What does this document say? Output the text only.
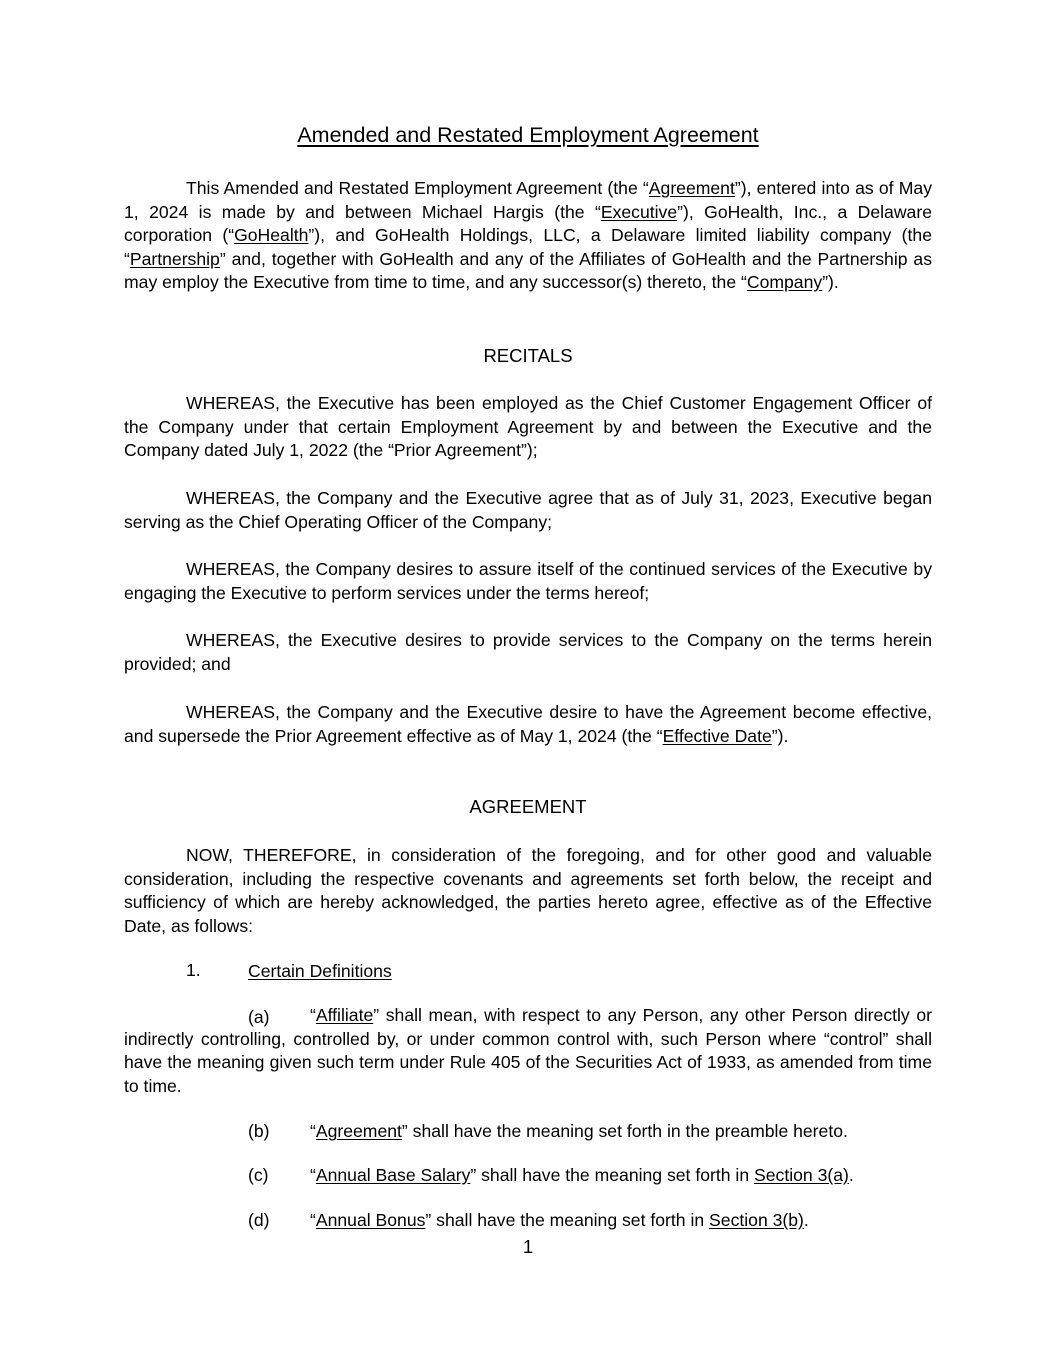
Amended and Restated Employment Agreement

This Amended and Restated Employment Agreement (the “Agreement”), entered into as of May 1, 2024 is made by and between Michael Hargis (the “Executive”), GoHealth, Inc., a Delaware corporation (“GoHealth”), and GoHealth Holdings, LLC, a Delaware limited liability company (the “Partnership” and, together with GoHealth and any of the Affiliates of GoHealth and the Partnership as may employ the Executive from time to time, and any successor(s) thereto, the “Company”).

RECITALS

WHEREAS, the Executive has been employed as the Chief Customer Engagement Officer of the Company under that certain Employment Agreement by and between the Executive and the Company dated July 1, 2022 (the “Prior Agreement”);

WHEREAS, the Company and the Executive agree that as of July 31, 2023, Executive began serving as the Chief Operating Officer of the Company;

WHEREAS, the Company desires to assure itself of the continued services of the Executive by engaging the Executive to perform services under the terms hereof;

WHEREAS, the Executive desires to provide services to the Company on the terms herein provided; and

WHEREAS, the Company and the Executive desire to have the Agreement become effective, and supersede the Prior Agreement effective as of May 1, 2024 (the “Effective Date”).

AGREEMENT

NOW, THEREFORE, in consideration of the foregoing, and for other good and valuable consideration, including the respective covenants and agreements set forth below, the receipt and sufficiency of which are hereby acknowledged, the parties hereto agree, effective as of the Effective Date, as follows:

1.	Certain Definitions
(a)	“Affiliate” shall mean, with respect to any Person, any other Person directly or indirectly controlling, controlled by, or under common control with, such Person where “control” shall have the meaning given such term under Rule 405 of the Securities Act of 1933, as amended from time to time.

(b) “Agreement” shall have the meaning set forth in the preamble hereto.
(c) “Annual Base Salary” shall have the meaning set forth in Section 3(a).
(d) “Annual Bonus” shall have the meaning set forth in Section 3(b).
1
